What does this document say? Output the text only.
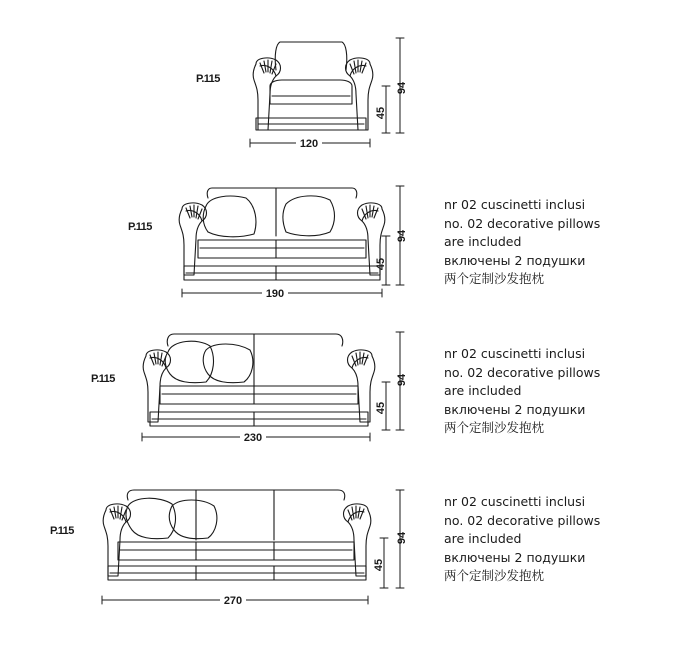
P.115
P.115
P.115
P.115
nr 02 cuscinetti inclusi
no. 02 decorative pillows
are included
включены 2 подушки
两个定制沙发抱枕
nr 02 cuscinetti inclusi
no. 02 decorative pillows
are included
включены 2 подушки
两个定制沙发抱枕
nr 02 cuscinetti inclusi
no. 02 decorative pillows
are included
включены 2 подушки
两个定制沙发抱枕
120
45
94
190
45
94
230
45
94
270
45
94
